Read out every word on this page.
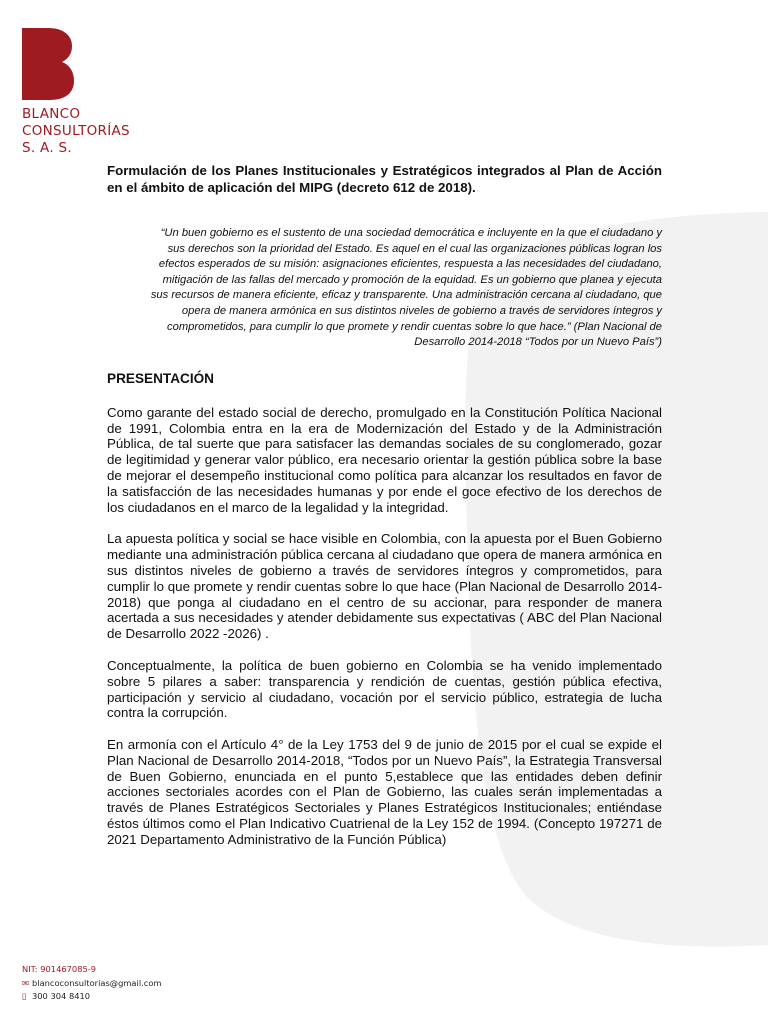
BLANCO
CONSULTORÍAS
S. A. S.

Formulación de los Planes Institucionales y Estratégicos integrados al Plan de Acción en el ámbito de aplicación del MIPG (decreto 612 de 2018).

“Un buen gobierno es el sustento de una sociedad democrática e incluyente en la que el ciudadano y sus derechos son la prioridad del Estado. Es aquel en el cual las organizaciones públicas logran los efectos esperados de su misión: asignaciones eficientes, respuesta a las necesidades del ciudadano, mitigación de las fallas del mercado y promoción de la equidad. Es un gobierno que planea y ejecuta sus recursos de manera eficiente, eficaz y transparente. Una administración cercana al ciudadano, que opera de manera armónica en sus distintos niveles de gobierno a través de servidores íntegros y comprometidos, para cumplir lo que promete y rendir cuentas sobre lo que hace.” (Plan Nacional de Desarrollo 2014-2018 “Todos por un Nuevo País”)

PRESENTACIÓN

Como garante del estado social de derecho, promulgado en la Constitución Política Nacional de 1991, Colombia entra en la era de Modernización del Estado y de la Administración Pública, de tal suerte que para satisfacer las demandas sociales de su conglomerado, gozar de legitimidad y generar valor público, era necesario orientar la gestión pública sobre la base de mejorar el desempeño institucional como política para alcanzar los resultados en favor de la satisfacción de las necesidades humanas y por ende el goce efectivo de los derechos de los ciudadanos en el marco de la legalidad y la integridad.

La apuesta política y social se hace visible en Colombia, con la apuesta por el Buen Gobierno mediante una administración pública cercana al ciudadano que opera de manera armónica en sus distintos niveles de gobierno a través de servidores íntegros y comprometidos, para cumplir lo que promete y rendir cuentas sobre lo que hace (Plan Nacional de Desarrollo 2014-2018) que ponga al ciudadano en el centro de su accionar, para responder de manera acertada a sus necesidades y atender debidamente sus expectativas ( ABC del Plan Nacional de Desarrollo 2022 -2026) .

Conceptualmente, la política de buen gobierno en Colombia se ha venido implementado sobre 5 pilares a saber: transparencia y rendición de cuentas, gestión pública efectiva, participación y servicio al ciudadano, vocación por el servicio público, estrategia de lucha contra la corrupción.

En armonía con el Artículo 4° de la Ley 1753 del 9 de junio de 2015 por el cual se expide el Plan Nacional de Desarrollo 2014-2018, “Todos por un Nuevo País”, la Estrategia Transversal de Buen Gobierno, enunciada en el punto 5,establece que las entidades deben definir acciones sectoriales acordes con el Plan de Gobierno, las cuales serán implementadas a través de Planes Estratégicos Sectoriales y Planes Estratégicos Institucionales; entiéndase éstos últimos como el Plan Indicativo Cuatrienal de la Ley 152 de 1994. (Concepto 197271 de 2021 Departamento Administrativo de la Función Pública)

NIT: 901467085-9
✉ blancoconsultorias@gmail.com
▯ 300 304 8410
